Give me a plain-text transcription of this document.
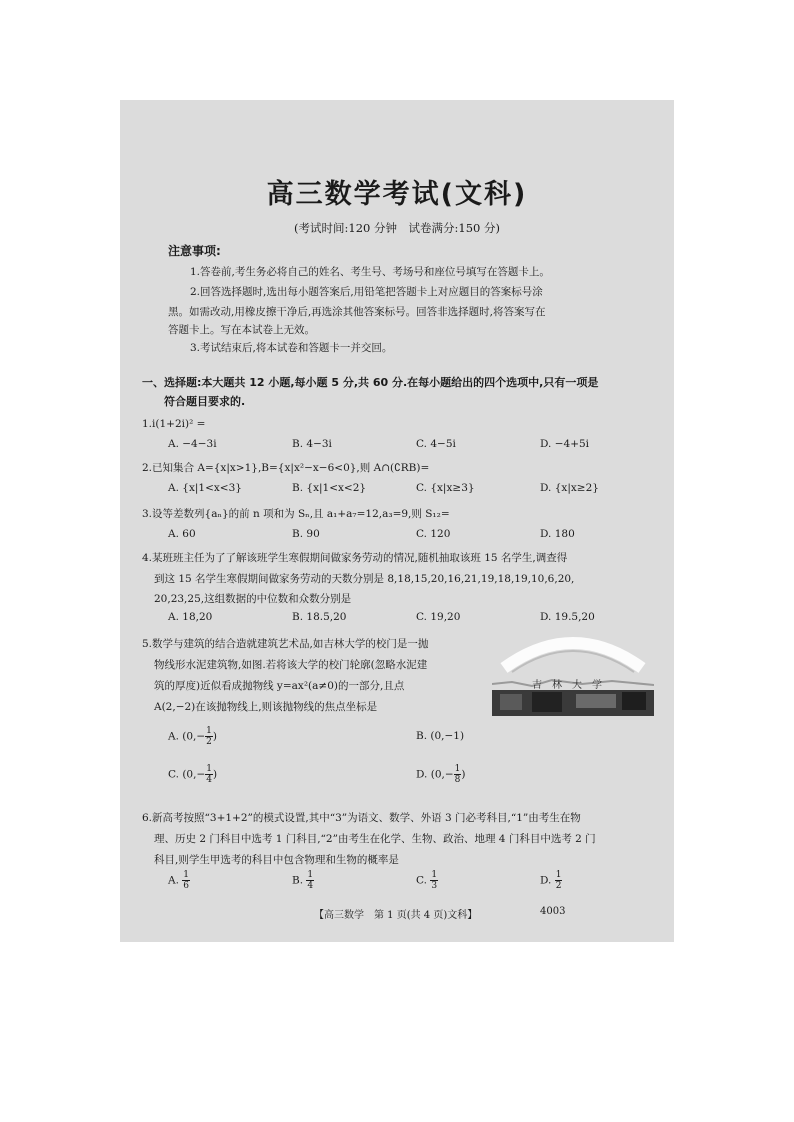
高三数学考试(文科)
(考试时间:120 分钟　试卷满分:150 分)
注意事项:
1.答卷前,考生务必将自己的姓名、考生号、考场号和座位号填写在答题卡上。
2.回答选择题时,选出每小题答案后,用铅笔把答题卡上对应题目的答案标号涂
黑。如需改动,用橡皮擦干净后,再选涂其他答案标号。回答非选择题时,将答案写在
答题卡上。写在本试卷上无效。
3.考试结束后,将本试卷和答题卡一并交回。
一、选择题:本大题共 12 小题,每小题 5 分,共 60 分.在每小题给出的四个选项中,只有一项是
符合题目要求的.
1.i(1+2i)² =
A. −4−3i	B. 4−3i	C. 4−5i	D. −4+5i
2.已知集合 A={x|x>1},B={x|x²−x−6<0},则 A∩(∁RB)=
A. {x|1<x<3}	B. {x|1<x<2}	C. {x|x≥3}	D. {x|x≥2}
3.设等差数列{aₙ}的前 n 项和为 Sₙ,且 a₁+a₇=12,a₃=9,则 S₁₂=
A. 60	B. 90	C. 120	D. 180
4.某班班主任为了了解该班学生寒假期间做家务劳动的情况,随机抽取该班 15 名学生,调查得
到这 15 名学生寒假期间做家务劳动的天数分别是 8,18,15,20,16,21,19,18,19,10,6,20,
20,23,25,这组数据的中位数和众数分别是
A. 18,20	B. 18.5,20	C. 19,20	D. 19.5,20
5.数学与建筑的结合造就建筑艺术品,如吉林大学的校门是一抛
物线形水泥建筑物,如图.若将该大学的校门轮廓(忽略水泥建
筑的厚度)近似看成抛物线 y=ax²(a≠0)的一部分,且点
A(2,−2)在该抛物线上,则该抛物线的焦点坐标是
吉　林　大　学
A. ($0,- \frac{1}{2}$ )	B. (0,−1)
C. ($0,- \frac{1}{4}$ )	D. ($0,- \frac{1}{8}$ )
6.新高考按照“3+1+2”的模式设置,其中“3”为语文、数学、外语 3 门必考科目,“1”由考生在物
理、历史 2 门科目中选考 1 门科目,“2”由考生在化学、生物、政治、地理 4 门科目中选考 2 门
科目,则学生甲选考的科目中包含物理和生物的概率是
A. $\frac{1}{6}$	B. $\frac{1}{4}$	C. $\frac{1}{3}$	D. $\frac{1}{2}$
【高三数学　第 1 页(共 4 页)文科】	4003
